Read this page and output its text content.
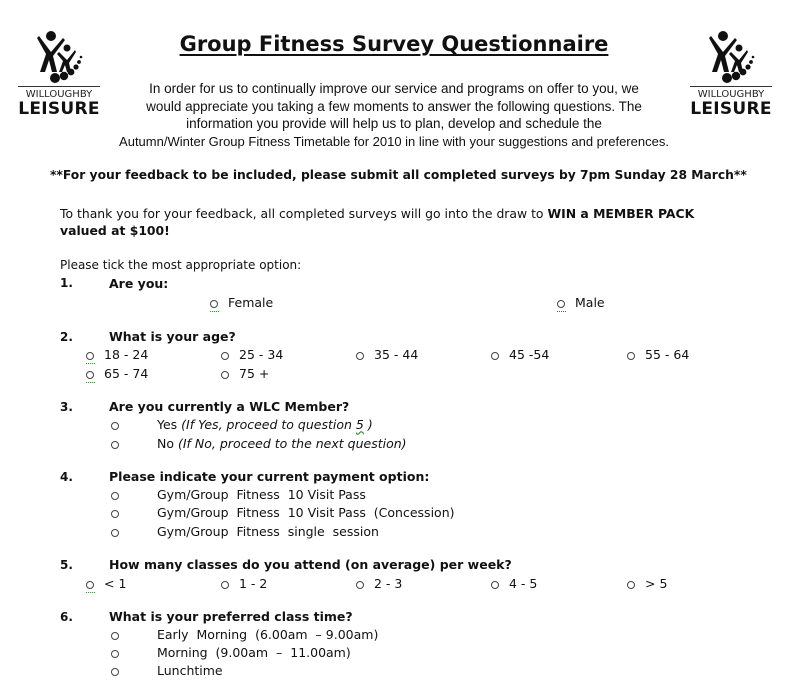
WILLOUGHBY
LEISURE
WILLOUGHBY
LEISURE
Group Fitness Survey Questionnaire
In order for us to continually improve our service and programs on offer to you, we
would appreciate you taking a few moments to answer the following questions. The
information you provide will help us to plan, develop and schedule the
Autumn/Winter Group Fitness Timetable for 2010 in line with your suggestions and preferences.
**For your feedback to be included, please submit all completed surveys by 7pm Sunday 28 March**
To thank you for your feedback, all completed surveys will go into the draw to WIN a MEMBER PACK
valued at $100!
Please tick the most appropriate option:
1.	Are you:
Female	Male
2.	What is your age?
18 - 24	25 - 34	35 - 44	45 -54	55 - 64
65 - 74	75 +
3.	Are you currently a WLC Member?
Yes
(If Yes, proceed to question 5 )
No
(If No, proceed to the next question)
4.	Please indicate your current payment option:
Gym/Group  Fitness  10 Visit Pass
Gym/Group  Fitness  10 Visit Pass  (Concession)
Gym/Group  Fitness  single  session
5.	How many classes do you attend (on average) per week?
< 1	1 - 2	2 - 3	4 - 5	> 5
6.	What is your preferred class time?
Early  Morning  (6.00am  – 9.00am)
Morning  (9.00am  –  11.00am)
Lunchtime
